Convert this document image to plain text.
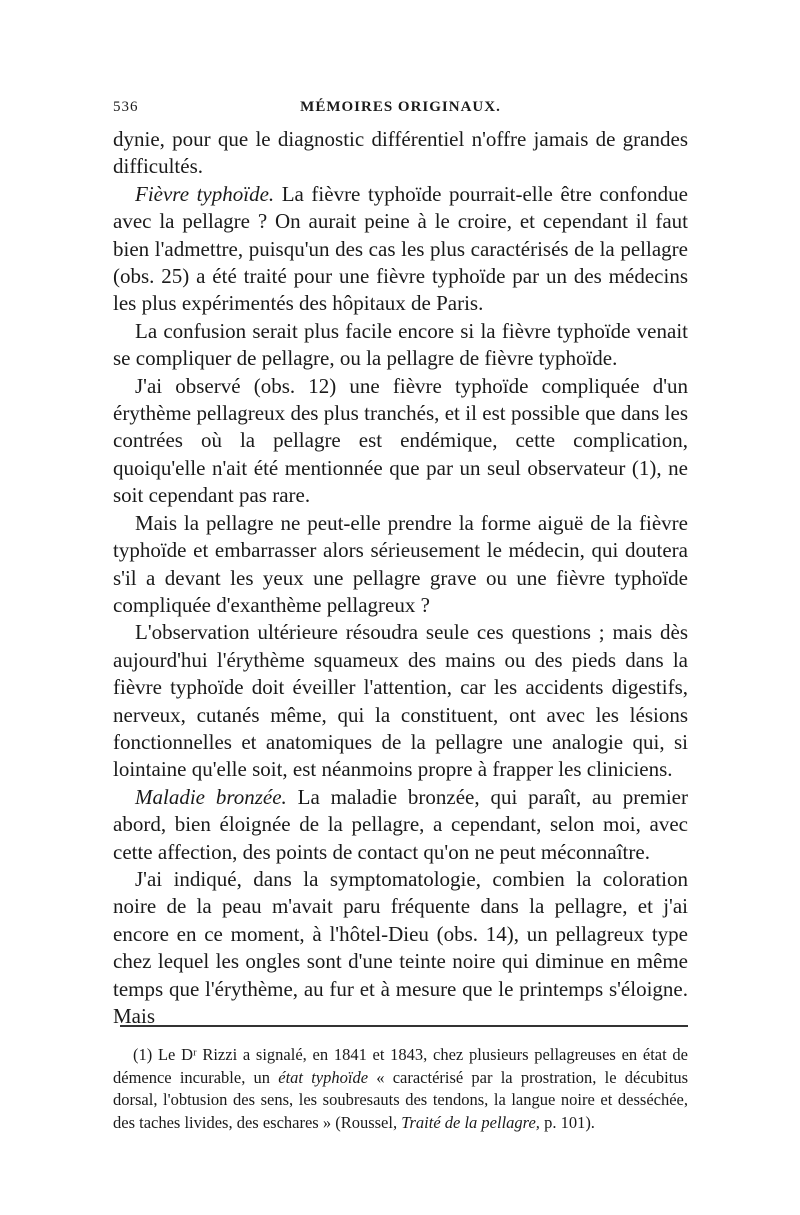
536	MÉMOIRES ORIGINAUX.

dynie, pour que le diagnostic différentiel n'offre jamais de grandes difficultés.

Fièvre typhoïde. La fièvre typhoïde pourrait-elle être confondue avec la pellagre ? On aurait peine à le croire, et cependant il faut bien l'admettre, puisqu'un des cas les plus caractérisés de la pellagre (obs. 25) a été traité pour une fièvre typhoïde par un des médecins les plus expérimentés des hôpitaux de Paris.

La confusion serait plus facile encore si la fièvre typhoïde venait se compliquer de pellagre, ou la pellagre de fièvre typhoïde.

J'ai observé (obs. 12) une fièvre typhoïde compliquée d'un érythème pellagreux des plus tranchés, et il est possible que dans les contrées où la pellagre est endémique, cette complication, quoiqu'elle n'ait été mentionnée que par un seul observateur (1), ne soit cependant pas rare.

Mais la pellagre ne peut-elle prendre la forme aiguë de la fièvre typhoïde et embarrasser alors sérieusement le médecin, qui doutera s'il a devant les yeux une pellagre grave ou une fièvre typhoïde compliquée d'exanthème pellagreux ?

L'observation ultérieure résoudra seule ces questions ; mais dès aujourd'hui l'érythème squameux des mains ou des pieds dans la fièvre typhoïde doit éveiller l'attention, car les accidents digestifs, nerveux, cutanés même, qui la constituent, ont avec les lésions fonctionnelles et anatomiques de la pellagre une analogie qui, si lointaine qu'elle soit, est néanmoins propre à frapper les cliniciens.

Maladie bronzée. La maladie bronzée, qui paraît, au premier abord, bien éloignée de la pellagre, a cependant, selon moi, avec cette affection, des points de contact qu'on ne peut méconnaître.

J'ai indiqué, dans la symptomatologie, combien la coloration noire de la peau m'avait paru fréquente dans la pellagre, et j'ai encore en ce moment, à l'hôtel-Dieu (obs. 14), un pellagreux type chez lequel les ongles sont d'une teinte noire qui diminue en même temps que l'érythème, au fur et à mesure que le printemps s'éloigne. Mais

(1) Le Dʳ Rizzi a signalé, en 1841 et 1843, chez plusieurs pellagreuses en état de démence incurable, un état typhoïde « caractérisé par la prostration, le décubitus dorsal, l'obtusion des sens, les soubresauts des tendons, la langue noire et desséchée, des taches livides, des eschares » (Roussel, Traité de la pellagre, p. 101).
